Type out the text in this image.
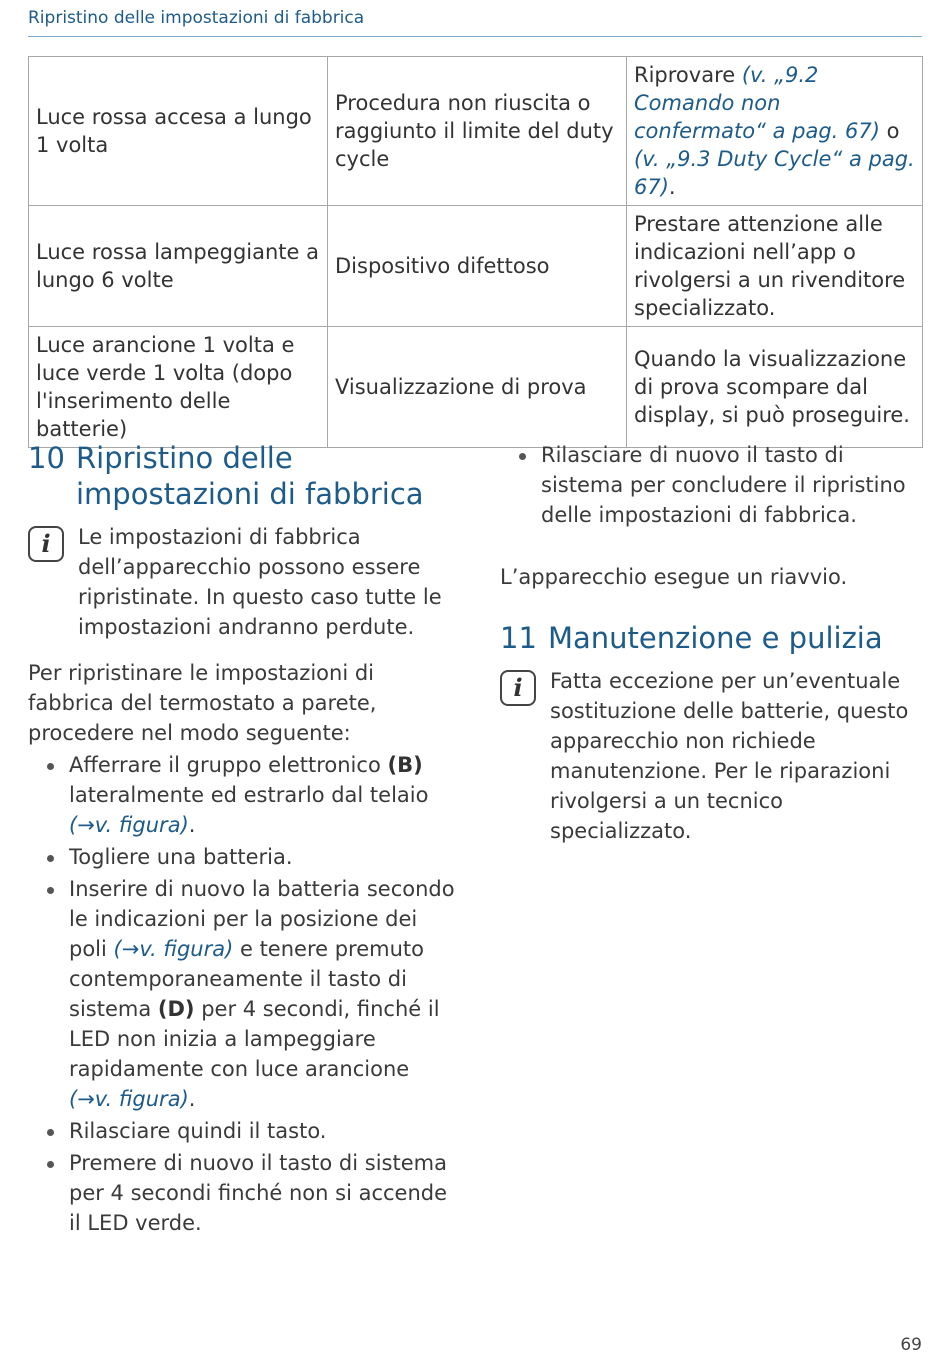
Ripristino delle impostazioni di fabbrica
Luce rossa accesa a lungo 1 volta	Procedura non riuscita o raggiunto il limite del duty cycle	Riprovare (v. „9.2 Comando non confermato“ a pag. 67) o (v. „9.3 Duty Cycle“ a pag. 67).
Luce rossa lampeggiante a lungo 6 volte	Dispositivo difettoso	Prestare attenzione alle indicazioni nell’app o rivolgersi a un rivenditore specializzato.
Luce arancione 1 volta e luce verde 1 volta (dopo l'inserimento delle batterie)	Visualizzazione di prova	Quando la visualizzazione di prova scompare dal display, si può proseguire.
10 Ripristino delle impostazioni di fabbrica
i	Le impostazioni di fabbrica dell’apparecchio possono essere ripristinate. In questo caso tutte le impostazioni andranno perdute.

Per ripristinare le impostazioni di fabbrica del termostato a parete, procedere nel modo seguente:

Afferrare il gruppo elettronico (B) lateralmente ed estrarlo dal telaio (→v. figura).
Togliere una batteria.
Inserire di nuovo la batteria secondo le indicazioni per la posizione dei poli (→v. figura) e tenere premuto contemporaneamente il tasto di sistema (D) per 4 secondi, finché il LED non inizia a lampeggiare rapidamente con luce arancione (→v. figura).
Rilasciare quindi il tasto.
Premere di nuovo il tasto di sistema per 4 secondi finché non si accende il LED verde.
Rilasciare di nuovo il tasto di sistema per concludere il ripristino delle impostazioni di fabbrica.

L’apparecchio esegue un riavvio.

11 Manutenzione e pulizia
i	Fatta eccezione per un’eventuale sostituzione delle batterie, questo apparecchio non richiede manutenzione. Per le riparazioni rivolgersi a un tecnico specializzato.
69
